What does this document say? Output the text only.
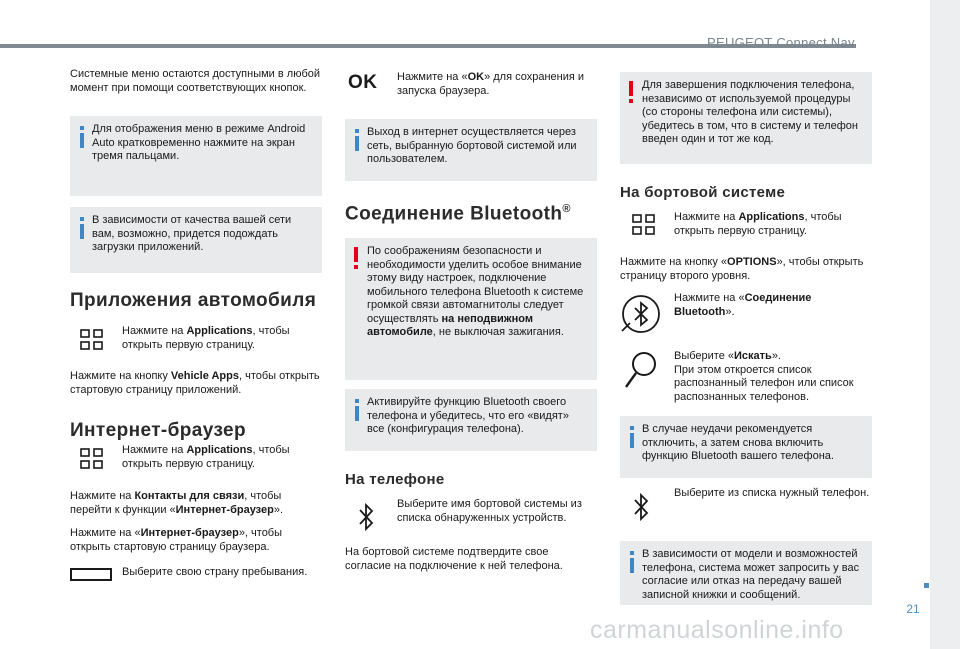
PEUGEOT Connect Nav
21
Системные меню остаются доступными в любой момент при помощи соответствующих кнопок.
Для отображения меню в режиме Android Auto кратковременно нажмите на экран тремя пальцами.
В зависимости от качества вашей сети вам, возможно, придется подождать загрузки приложений.
Приложения автомобиля
Нажмите на Applications, чтобы открыть первую страницу.
Нажмите на кнопку Vehicle Apps, чтобы открыть стартовую страницу приложений.
Интернет-браузер
Нажмите на Applications, чтобы открыть первую страницу.
Нажмите на Контакты для связи, чтобы перейти к функции «Интернет-браузер».
Нажмите на «Интернет-браузер», чтобы открыть стартовую страницу браузера.
Выберите свою страну пребывания.
OK Нажмите на «OK» для сохранения и запуска браузера.
Выход в интернет осуществляется через сеть, выбранную бортовой системой или пользователем.
Соединение Bluetooth®
По соображениям безопасности и необходимости уделить особое внимание этому виду настроек, подключение мобильного телефона Bluetooth к системе громкой связи автомагнитолы следует осуществлять на неподвижном автомобиле, не выключая зажигания.
Активируйте функцию Bluetooth своего телефона и убедитесь, что его «видят» все (конфигурация телефона).
На телефоне
Выберите имя бортовой системы из списка обнаруженных устройств.
На бортовой системе подтвердите свое согласие на подключение к ней телефона.
Для завершения подключения телефона, независимо от используемой процедуры (со стороны телефона или системы), убедитесь в том, что в систему и телефон введен один и тот же код.
На бортовой системе
Нажмите на Applications, чтобы открыть первую страницу.
Нажмите на кнопку «OPTIONS», чтобы открыть страницу второго уровня.
Нажмите на «Соединение Bluetooth».
Выберите «Искать».
При этом откроется список распознанный телефон или список распознанных телефонов.
В случае неудачи рекомендуется отключить, а затем снова включить функцию Bluetooth вашего телефона.
Выберите из списка нужный телефон.
В зависимости от модели и возможностей телефона, система может запросить у вас согласие или отказ на передачу вашей записной книжки и сообщений.
carmanualsonline.info
